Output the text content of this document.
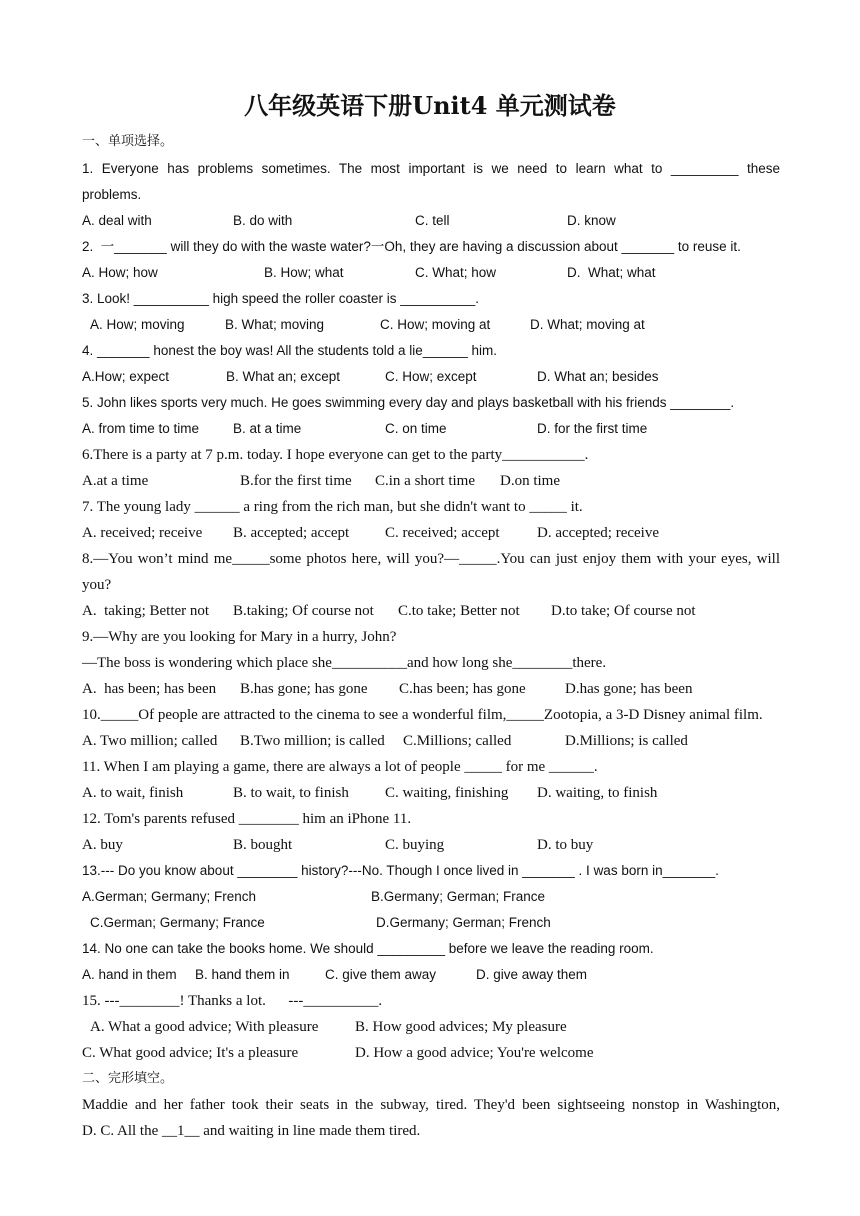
八年级英语下册Unit4 单元测试卷
一、单项选择。
1. Everyone has problems sometimes. The most important is we need to learn what to _________ these
problems.

A. deal with

	B. do with

	C. tell

	D. know

2.  一_______ will they do with the waste water?一Oh, they are having a discussion about _______ to reuse it.

A. How; how

	B. How; what

	C. What; how

	D.  What; what

3. Look! __________ high speed the roller coaster is __________.

A. How; moving

	B. What; moving

	C. How; moving at

	D. What; moving at

4. _______ honest the boy was! All the students told a lie______ him.

A.How; expect

	B. What an; except

	C. How; except

	D. What an; besides

5. John likes sports very much. He goes swimming every day and plays basketball with his friends ________.

A. from time to time

	B. at a time

	C. on time

	D. for the first time

6.There is a party at 7 p.m. today. I hope everyone can get to the party___________.

A.at a time

	B.for the first time

C.in a short time

D.on time

7. The young lady ______ a ring from the rich man, but she didn't want to _____ it.

A. received; receive

B. accepted; accept

C. received; accept

D. accepted; receive

8.—You won’t mind me_____some photos here, will you?—_____.You can just enjoy them with your eyes, will
you?

A.  taking; Better not

B.taking; Of course not

C.to take; Better not

D.to take; Of course not

9.—Why are you looking for Mary in a hurry, John?
—The boss is wondering which place she__________and how long she________there.

A.  has been; has been

B.has gone; has gone

C.has been; has gone

	D.has gone; has been

10._____Of people are attracted to the cinema to see a wonderful film,_____Zootopia, a 3-D Disney animal film.

A. Two million; called

B.Two million; is called

C.Millions; called

	D.Millions; is called

11. When I am playing a game, there are always a lot of people _____ for me ______.

A. to wait, finish

	B. to wait, to finish

C. waiting, finishing

D. waiting, to finish

12. Tom's parents refused ________ him an iPhone 11.

A. buy

	B. bought

	C. buying

	D. to buy

13.--- Do you know about ________ history?---No. Though I once lived in _______ . I was born in_______.

A.German; Germany; French

	B.Germany; German; France

C.German; Germany; France

	D.Germany; German; French

14. No one can take the books home. We should _________ before we leave the reading room.

A. hand in them

B. hand them in

	C. give them away

	D. give away them

15. ---________! Thanks a lot.      ---__________.

A. What a good advice; With pleasure

B. How good advices; My pleasure

C. What good advice; It's a pleasure

	D. How a good advice; You're welcome

二、完形填空。
Maddie and her father took their seats in the subway, tired. They'd been sightseeing nonstop in Washington,
D. C. All the __1__ and waiting in line made them tired.
